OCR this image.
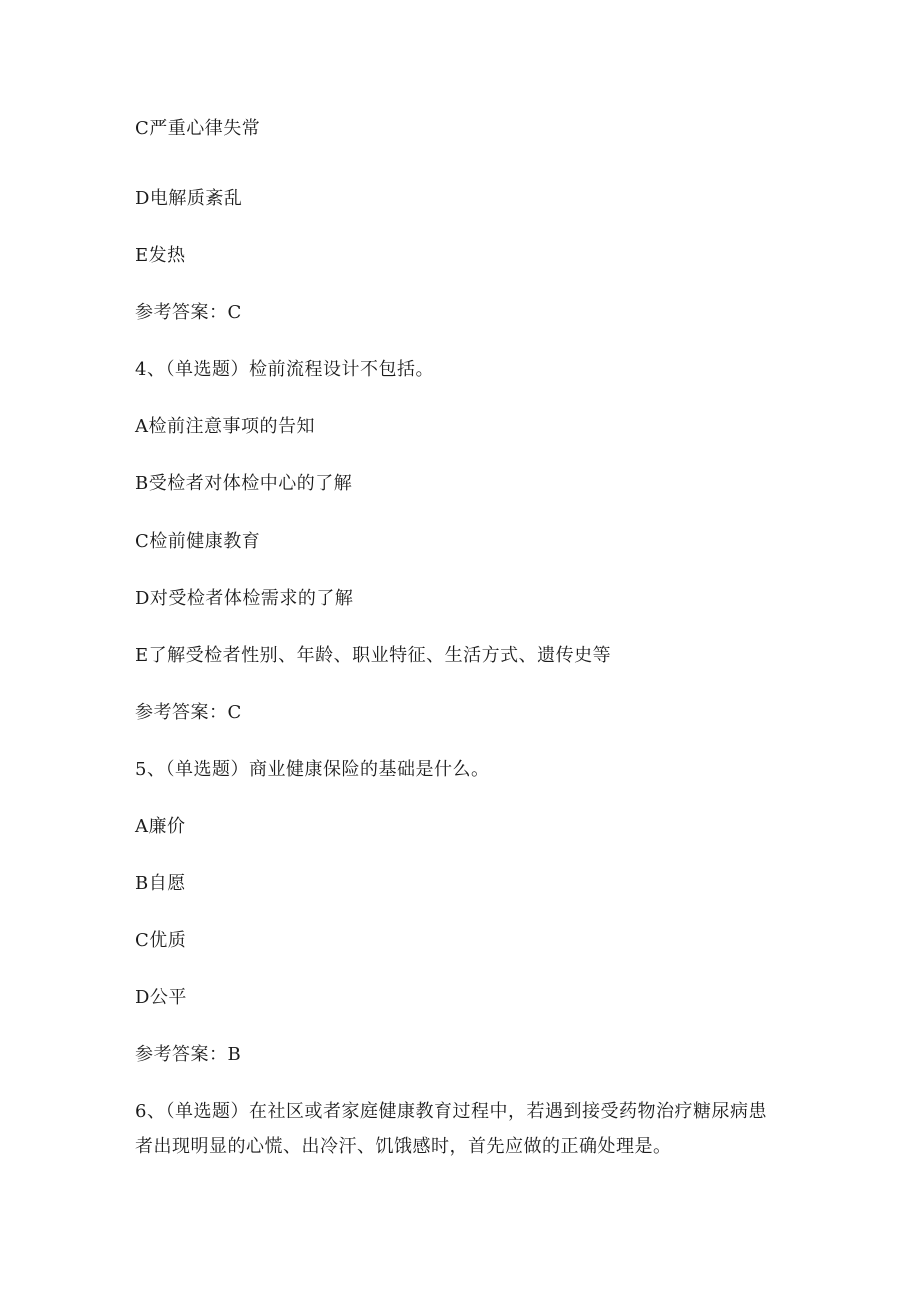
C严重心律失常
D电解质紊乱
E发热
参考答案：C
4、（单选题）检前流程设计不包括。
A检前注意事项的告知
B受检者对体检中心的了解
C检前健康教育
D对受检者体检需求的了解
E了解受检者性别、年龄、职业特征、生活方式、遗传史等
参考答案：C
5、（单选题）商业健康保险的基础是什么。
A廉价
B自愿
C优质
D公平
参考答案：B
6、（单选题）在社区或者家庭健康教育过程中，若遇到接受药物治疗糖尿病患
者出现明显的心慌、出冷汗、饥饿感时，首先应做的正确处理是。
